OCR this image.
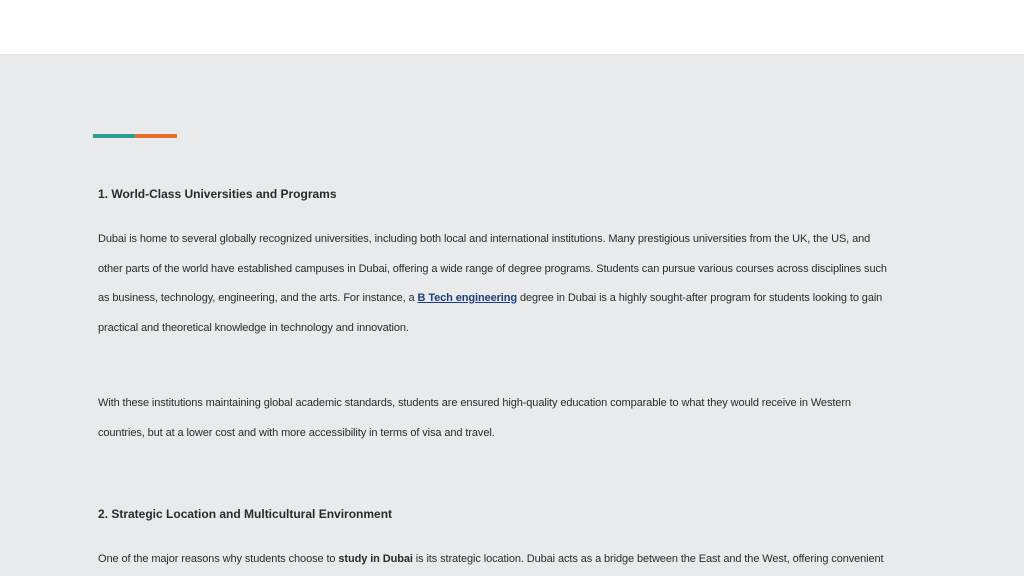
1. World-Class Universities and Programs

Dubai is home to several globally recognized universities, including both local and international institutions. Many prestigious universities from the UK, the US, and
other parts of the world have established campuses in Dubai, offering a wide range of degree programs. Students can pursue various courses across disciplines such
as business, technology, engineering, and the arts. For instance, a B Tech engineering degree in Dubai is a highly sought-after program for students looking to gain
practical and theoretical knowledge in technology and innovation.

With these institutions maintaining global academic standards, students are ensured high-quality education comparable to what they would receive in Western
countries, but at a lower cost and with more accessibility in terms of visa and travel.

2. Strategic Location and Multicultural Environment

One of the major reasons why students choose to study in Dubai is its strategic location. Dubai acts as a bridge between the East and the West, offering convenient
